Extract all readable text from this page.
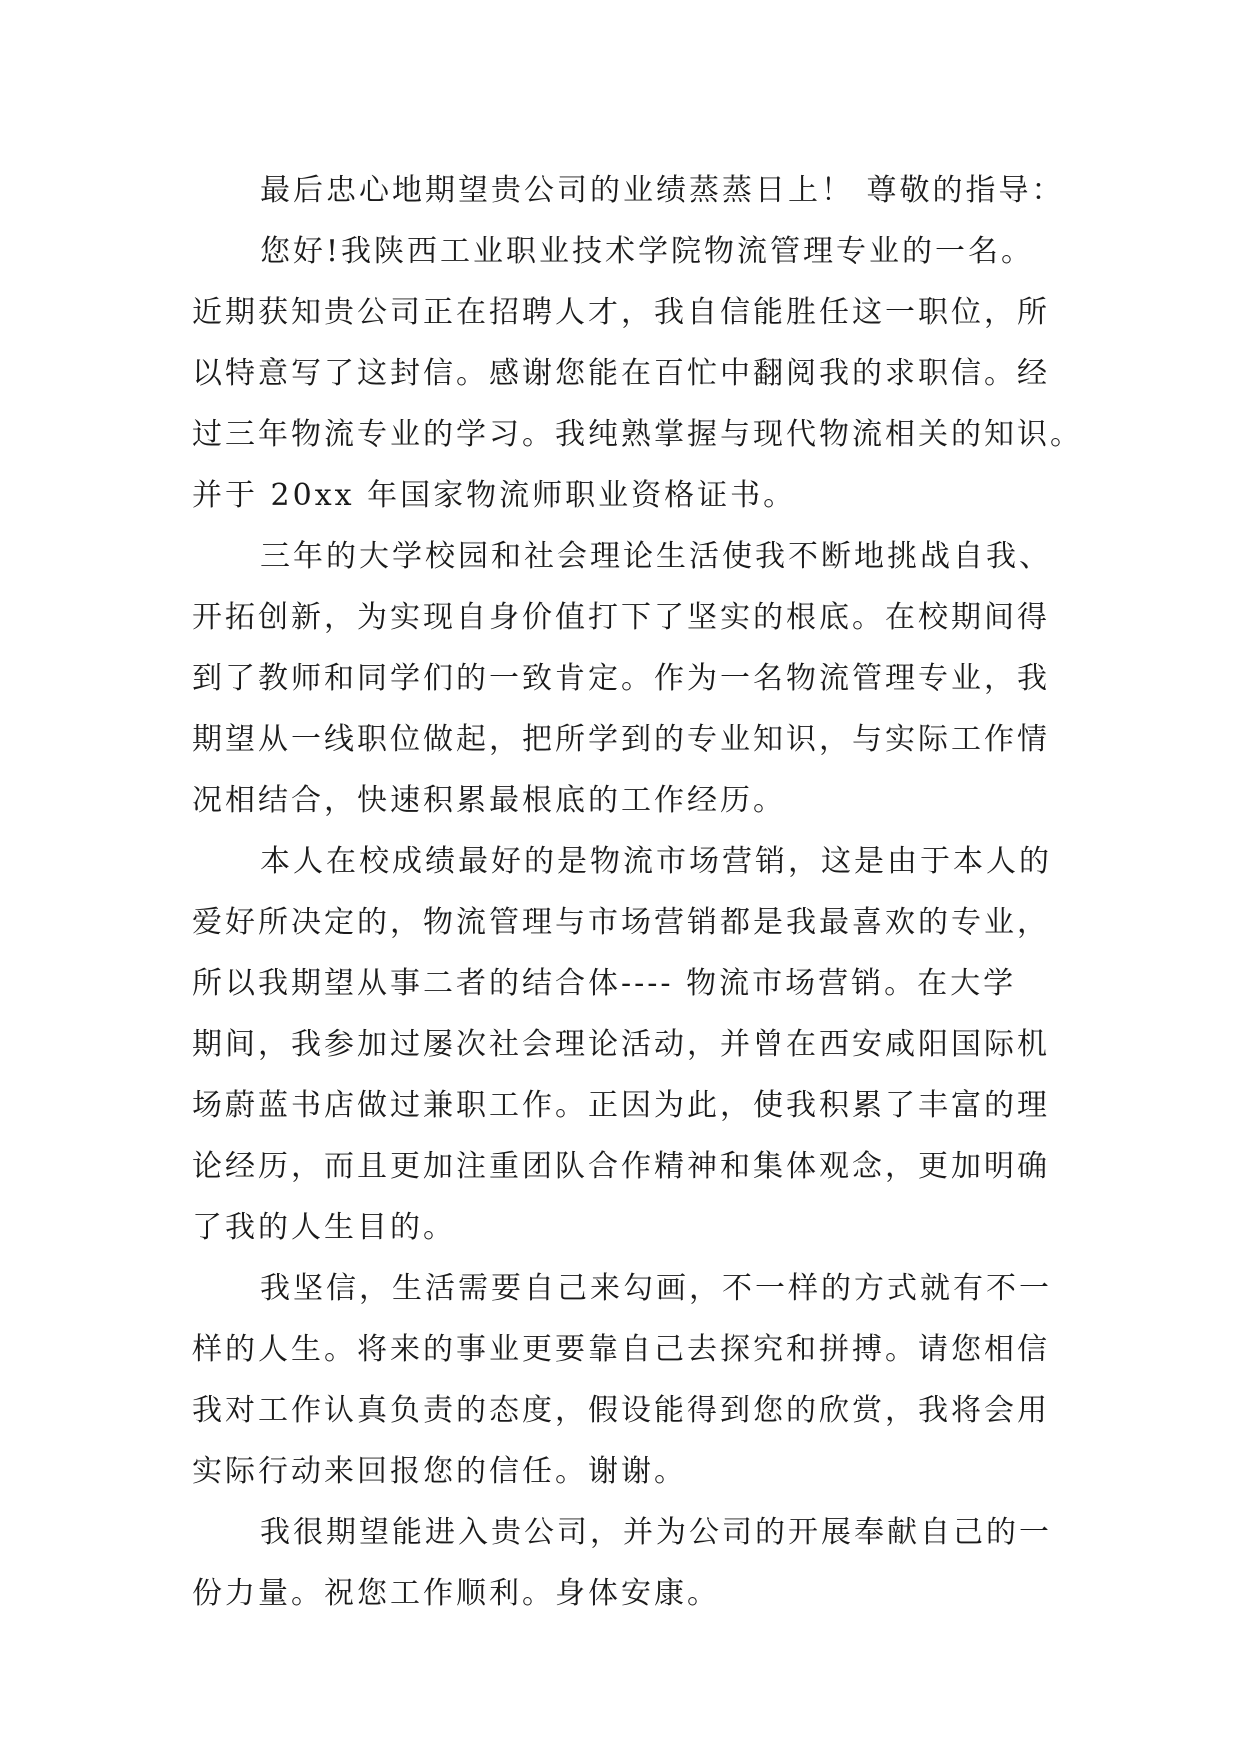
最后忠心地期望贵公司的业绩蒸蒸日上！ 尊敬的指导：
您好!我陕西工业职业技术学院物流管理专业的一名。
近期获知贵公司正在招聘人才，我自信能胜任这一职位，所
以特意写了这封信。感谢您能在百忙中翻阅我的求职信。经
过三年物流专业的学习。我纯熟掌握与现代物流相关的知识。
并于 20xx 年国家物流师职业资格证书。
三年的大学校园和社会理论生活使我不断地挑战自我、
开拓创新，为实现自身价值打下了坚实的根底。在校期间得
到了教师和同学们的一致肯定。作为一名物流管理专业，我
期望从一线职位做起，把所学到的专业知识，与实际工作情
况相结合，快速积累最根底的工作经历。
本人在校成绩最好的是物流市场营销，这是由于本人的
爱好所决定的，物流管理与市场营销都是我最喜欢的专业，
所以我期望从事二者的结合体---- 物流市场营销。在大学
期间，我参加过屡次社会理论活动，并曾在西安咸阳国际机
场蔚蓝书店做过兼职工作。正因为此，使我积累了丰富的理
论经历，而且更加注重团队合作精神和集体观念，更加明确
了我的人生目的。
我坚信，生活需要自己来勾画，不一样的方式就有不一
样的人生。将来的事业更要靠自己去探究和拼搏。请您相信
我对工作认真负责的态度，假设能得到您的欣赏，我将会用
实际行动来回报您的信任。谢谢。
我很期望能进入贵公司，并为公司的开展奉献自己的一
份力量。祝您工作顺利。身体安康。
